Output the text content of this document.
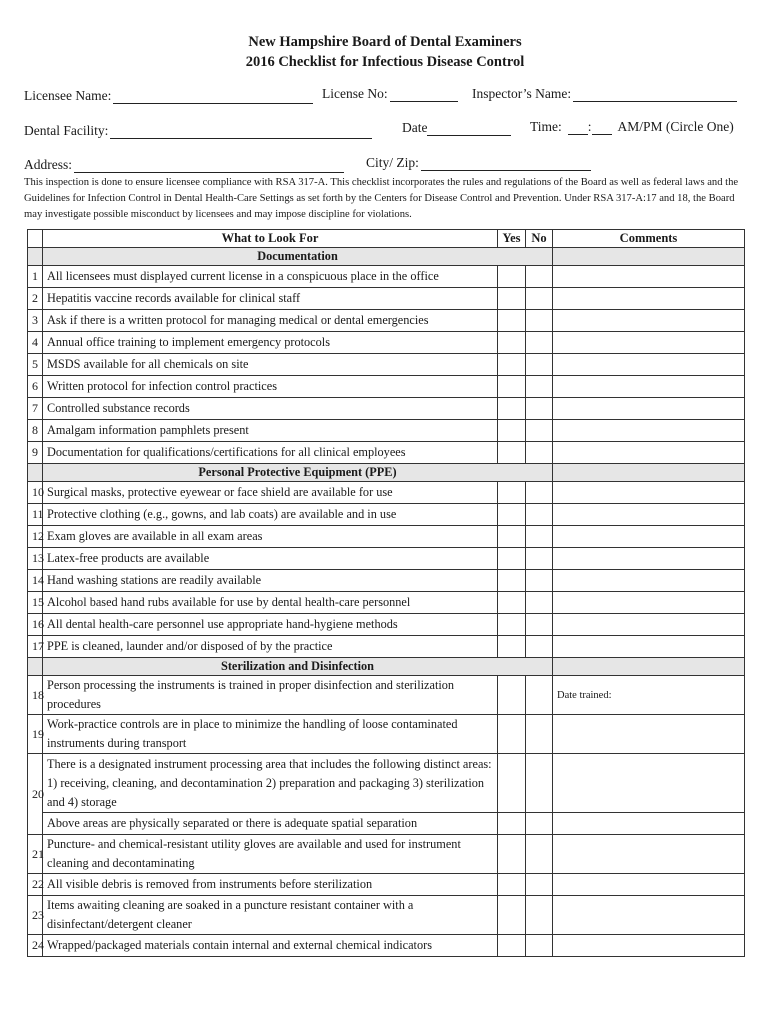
New Hampshire Board of Dental Examiners
2016 Checklist for Infectious Disease Control
Licensee Name:	License No:	Inspector’s Name:
Dental Facility:	Date	Time: : AM/PM (Circle One)
Address:	City/ Zip:
This inspection is done to ensure licensee compliance with RSA 317-A. This checklist incorporates the rules and regulations of the Board as well as federal laws and the Guidelines for Infection Control in Dental Health-Care Settings as set forth by the Centers for Disease Control and Prevention. Under RSA 317-A:17 and 18, the Board may investigate possible misconduct by licensees and may impose discipline for violations.
	What to Look For	Yes	No	Comments
	Documentation			
1	All licensees must displayed current license in a conspicuous place in the office			
2	Hepatitis vaccine records available for clinical staff			
3	Ask if there is a written protocol for managing medical or dental emergencies			
4	Annual office training to implement emergency protocols			
5	MSDS available for all chemicals on site			
6	Written protocol for infection control practices			
7	Controlled substance records			
8	Amalgam information pamphlets present			
9	Documentation for qualifications/certifications for all clinical employees			
	Personal Protective Equipment (PPE)			
10	Surgical masks, protective eyewear or face shield are available for use			
11	Protective clothing (e.g., gowns, and lab coats) are available and in use			
12	Exam gloves are available in all exam areas			
13	Latex-free products are available			
14	Hand washing stations are readily available			
15	Alcohol based hand rubs available for use by dental health-care personnel			
16	All dental health-care personnel use appropriate hand-hygiene methods			
17	PPE is cleaned, launder and/or disposed of by the practice			
	Sterilization and Disinfection			
18	Person processing the instruments is trained in proper disinfection and sterilization procedures			Date trained:
19	Work-practice controls are in place to minimize the handling of loose contaminated instruments during transport			
20	There is a designated instrument processing area that includes the following distinct areas: 1) receiving, cleaning, and decontamination 2) preparation and packaging 3) sterilization and 4) storage			
	Above areas are physically separated or there is adequate spatial separation			
21	Puncture- and chemical-resistant utility gloves are available and used for instrument cleaning and decontaminating			
22	All visible debris is removed from instruments before sterilization			
23	Items awaiting cleaning are soaked in a puncture resistant container with a disinfectant/detergent cleaner			
24	Wrapped/packaged materials contain internal and external chemical indicators			
